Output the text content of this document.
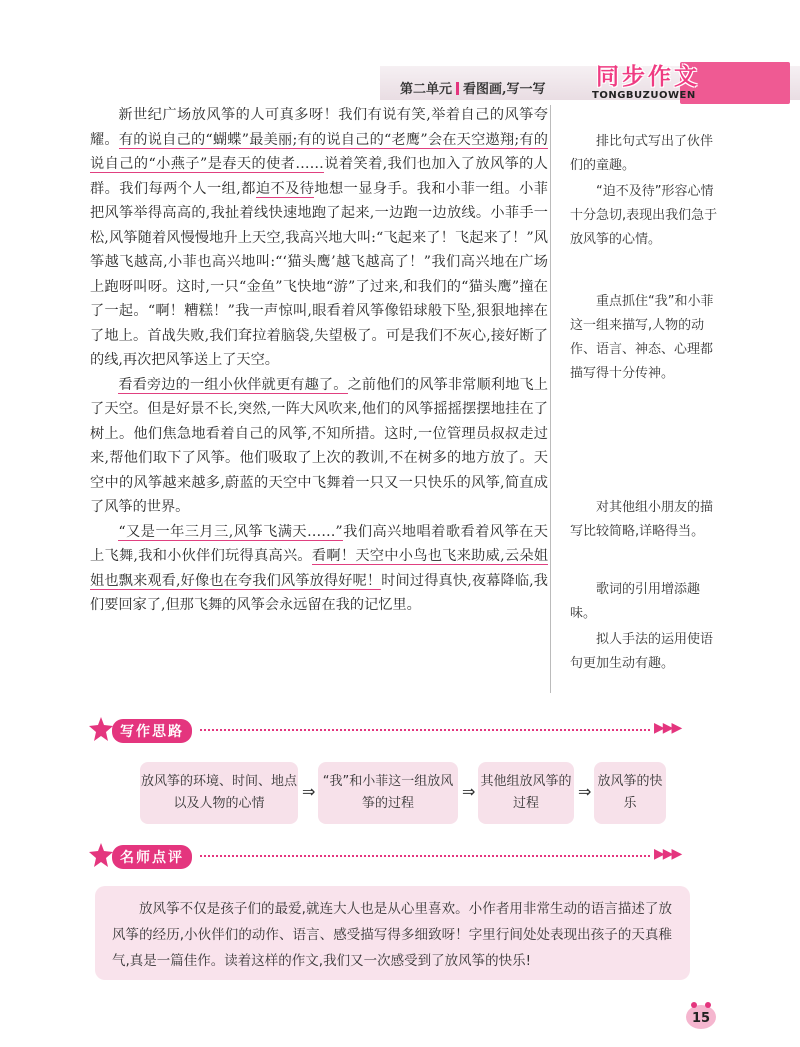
第二单元 看图画,写一写 同步作文
TONGBUZUOWEN

新世纪广场放风筝的人可真多呀！我们有说有笑,举着自己的风筝夸耀。有的说自己的“蝴蝶”最美丽;有的说自己的“老鹰”会在天空遨翔;有的说自己的“小燕子”是春天的使者……说着笑着,我们也加入了放风筝的人群。我们每两个人一组,都迫不及待地想一显身手。我和小菲一组。小菲把风筝举得高高的,我扯着线快速地跑了起来,一边跑一边放线。小菲手一松,风筝随着风慢慢地升上天空,我高兴地大叫:“飞起来了！飞起来了！”风筝越飞越高,小菲也高兴地叫:“‘猫头鹰’越飞越高了！”我们高兴地在广场上跑呀叫呀。这时,一只“金鱼”飞快地“游”了过来,和我们的“猫头鹰”撞在了一起。“啊！糟糕！”我一声惊叫,眼看着风筝像铅球般下坠,狠狠地摔在了地上。首战失败,我们耷拉着脑袋,失望极了。可是我们不灰心,接好断了的线,再次把风筝送上了天空。

看看旁边的一组小伙伴就更有趣了。之前他们的风筝非常顺利地飞上了天空。但是好景不长,突然,一阵大风吹来,他们的风筝摇摇摆摆地挂在了树上。他们焦急地看着自己的风筝,不知所措。这时,一位管理员叔叔走过来,帮他们取下了风筝。他们吸取了上次的教训,不在树多的地方放了。天空中的风筝越来越多,蔚蓝的天空中飞舞着一只又一只快乐的风筝,简直成了风筝的世界。

“又是一年三月三,风筝飞满天……”我们高兴地唱着歌看着风筝在天上飞舞,我和小伙伴们玩得真高兴。看啊！天空中小鸟也飞来助威,云朵姐姐也飘来观看,好像也在夸我们风筝放得好呢！时间过得真快,夜幕降临,我们要回家了,但那飞舞的风筝会永远留在我的记忆里。

排比句式写出了伙伴们的童趣。
“迫不及待”形容心情十分急切,表现出我们急于放风筝的心情。
重点抓住“我”和小菲这一组来描写,人物的动作、语言、神态、心理都描写得十分传神。
对其他组小朋友的描写比较简略,详略得当。
歌词的引用增添趣味。
拟人手法的运用使语句更加生动有趣。
写作思路	▶▶▶
放风筝的环境、时间、地点以及人物的心情
⇒
“我”和小菲这一组放风筝的过程
⇒
其他组放风筝的过程
⇒
放风筝的快乐
名师点评	▶▶▶
放风筝不仅是孩子们的最爱,就连大人也是从心里喜欢。小作者用非常生动的语言描述了放风筝的经历,小伙伴们的动作、语言、感受描写得多细致呀！字里行间处处表现出孩子的天真稚气,真是一篇佳作。读着这样的作文,我们又一次感受到了放风筝的快乐!
15
